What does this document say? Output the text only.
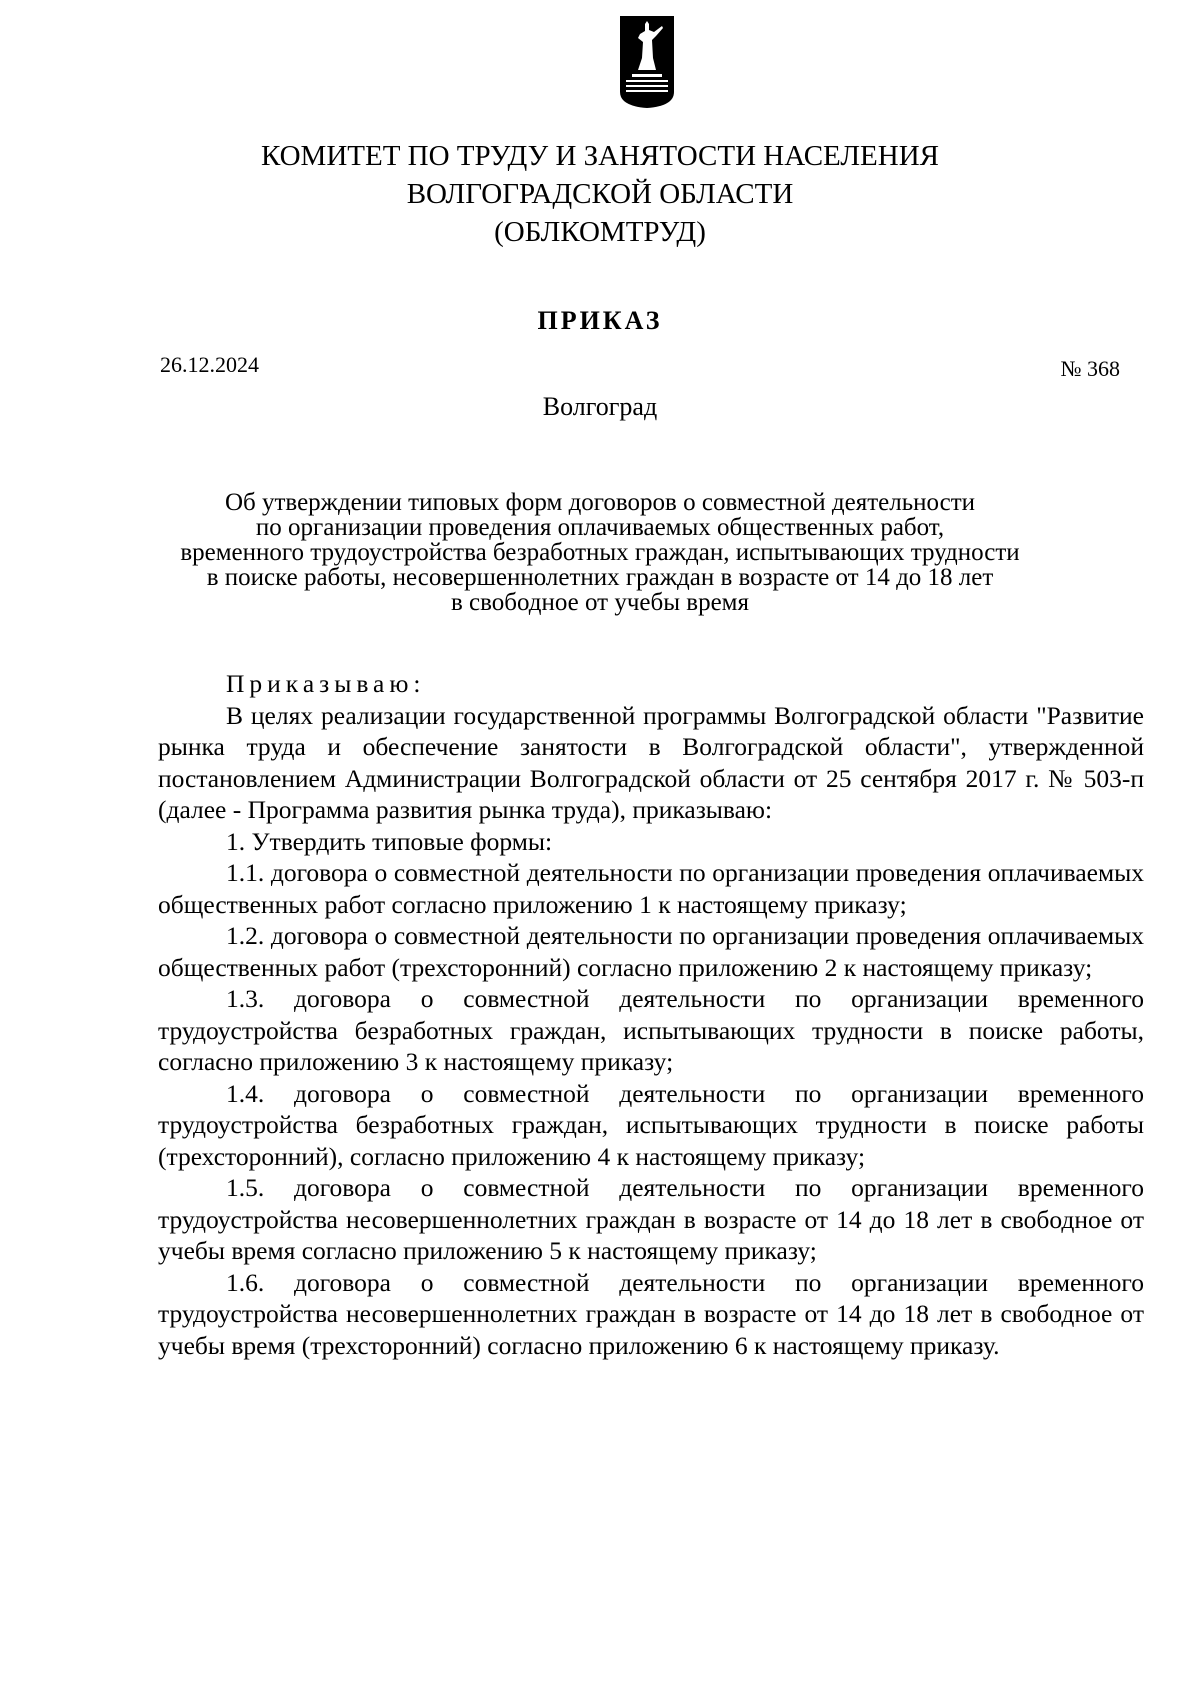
КОМИТЕТ ПО ТРУДУ И ЗАНЯТОСТИ НАСЕЛЕНИЯ
ВОЛГОГРАДСКОЙ ОБЛАСТИ
(ОБЛКОМТРУД)
ПРИКАЗ
26.12.2024	№ 368
Волгоград
Об утверждении типовых форм договоров о совместной деятельности
по организации проведения оплачиваемых общественных работ,
временного трудоустройства безработных граждан, испытывающих трудности
в поиске работы, несовершеннолетних граждан в возрасте от 14 до 18 лет
в свободное от учебы время
Приказываю:
В целях реализации государственной программы Волгоградской области "Развитие рынка труда и обеспечение занятости в Волгоградской области", утвержденной постановлением Администрации Волгоградской области от 25 сентября 2017 г. № 503-п (далее - Программа развития рынка труда), приказываю:
1. Утвердить типовые формы:
1.1. договора о совместной деятельности по организации проведения оплачиваемых общественных работ согласно приложению 1 к настоящему приказу;
1.2. договора о совместной деятельности по организации проведения оплачиваемых общественных работ (трехсторонний) согласно приложению 2 к настоящему приказу;
1.3. договора о совместной деятельности по организации временного трудоустройства безработных граждан, испытывающих трудности в поиске работы, согласно приложению 3 к настоящему приказу;
1.4. договора о совместной деятельности по организации временного трудоустройства безработных граждан, испытывающих трудности в поиске работы (трехсторонний), согласно приложению 4 к настоящему приказу;
1.5. договора о совместной деятельности по организации временного трудоустройства несовершеннолетних граждан в возрасте от 14 до 18 лет в свободное от учебы время согласно приложению 5 к настоящему приказу;
1.6. договора о совместной деятельности по организации временного трудоустройства несовершеннолетних граждан в возрасте от 14 до 18 лет в свободное от учебы время (трехсторонний) согласно приложению 6 к настоящему приказу.
